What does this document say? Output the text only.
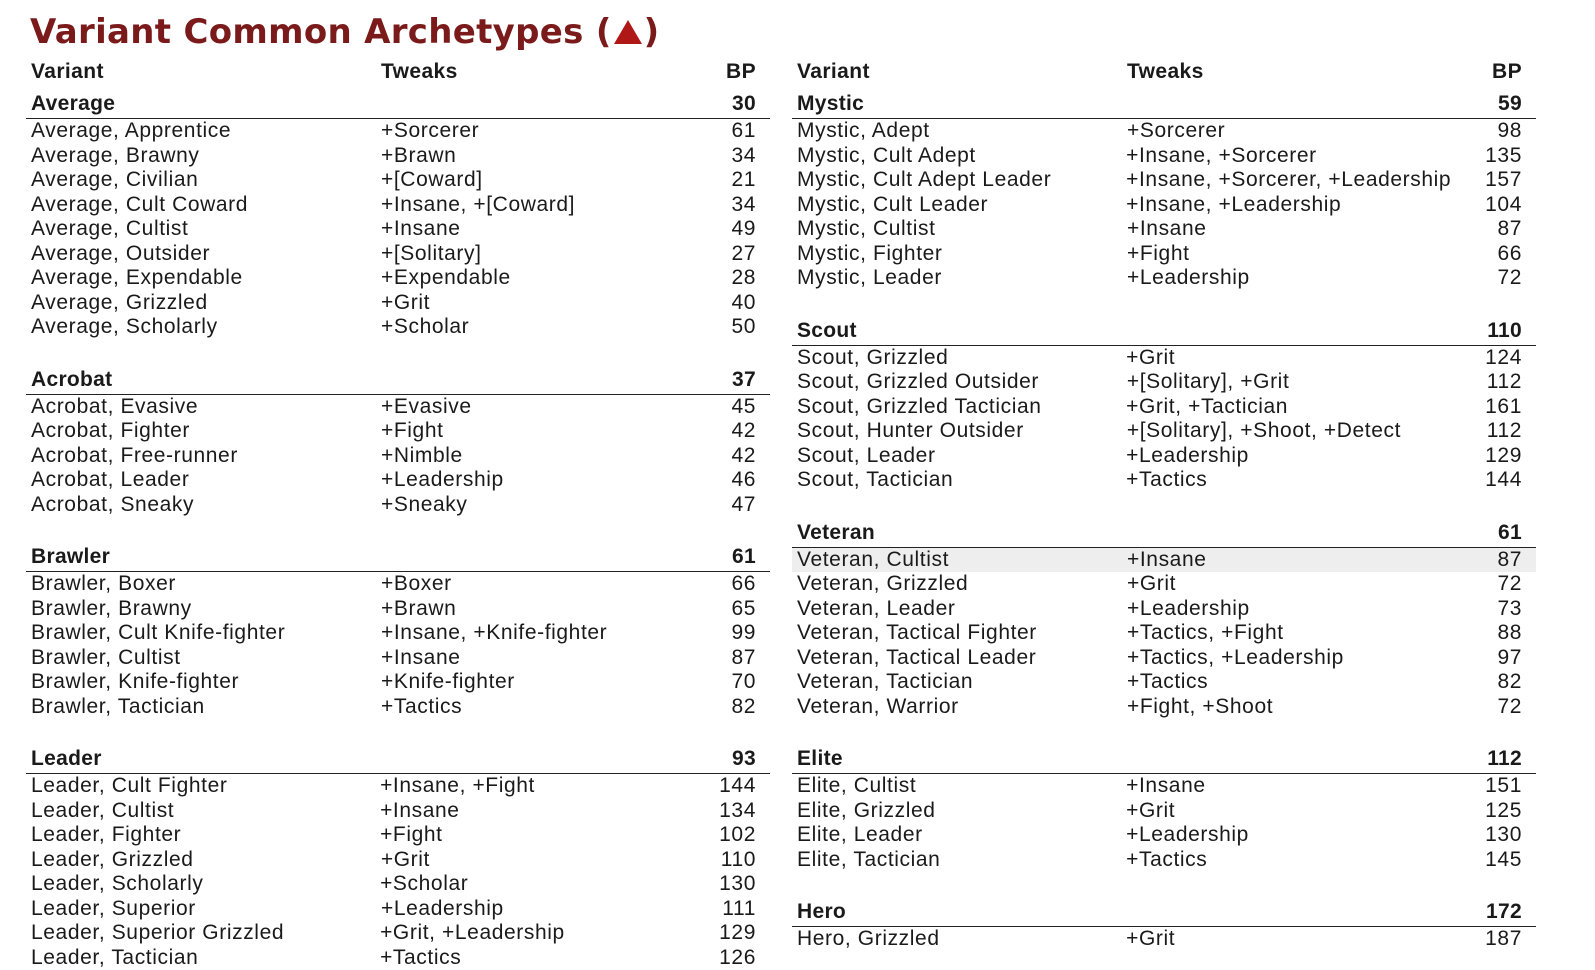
Variant Common Archetypes ( )
Variant	Tweaks	BP
Average	30
Average, Apprentice	+Sorcerer	61
Average, Brawny	+Brawn	34
Average, Civilian	+[Coward]	21
Average, Cult Coward	+Insane, +[Coward]	34
Average, Cultist	+Insane	49
Average, Outsider	+[Solitary]	27
Average, Expendable	+Expendable	28
Average, Grizzled	+Grit	40
Average, Scholarly	+Scholar	50
Acrobat	37
Acrobat, Evasive	+Evasive	45
Acrobat, Fighter	+Fight	42
Acrobat, Free-runner	+Nimble	42
Acrobat, Leader	+Leadership	46
Acrobat, Sneaky	+Sneaky	47
Brawler	61
Brawler, Boxer	+Boxer	66
Brawler, Brawny	+Brawn	65
Brawler, Cult Knife-fighter	+Insane, +Knife-fighter	99
Brawler, Cultist	+Insane	87
Brawler, Knife-fighter	+Knife-fighter	70
Brawler, Tactician	+Tactics	82
Leader	93
Leader, Cult Fighter	+Insane, +Fight	144
Leader, Cultist	+Insane	134
Leader, Fighter	+Fight	102
Leader, Grizzled	+Grit	110
Leader, Scholarly	+Scholar	130
Leader, Superior	+Leadership	111
Leader, Superior Grizzled	+Grit, +Leadership	129
Leader, Tactician	+Tactics	126
Variant	Tweaks	BP
Mystic	59
Mystic, Adept	+Sorcerer	98
Mystic, Cult Adept	+Insane, +Sorcerer	135
Mystic, Cult Adept Leader	+Insane, +Sorcerer, +Leadership	157
Mystic, Cult Leader	+Insane, +Leadership	104
Mystic, Cultist	+Insane	87
Mystic, Fighter	+Fight	66
Mystic, Leader	+Leadership	72
Scout	110
Scout, Grizzled	+Grit	124
Scout, Grizzled Outsider	+[Solitary], +Grit	112
Scout, Grizzled Tactician	+Grit, +Tactician	161
Scout, Hunter Outsider	+[Solitary], +Shoot, +Detect	112
Scout, Leader	+Leadership	129
Scout, Tactician	+Tactics	144
Veteran	61
Veteran, Cultist	+Insane	87
Veteran, Grizzled	+Grit	72
Veteran, Leader	+Leadership	73
Veteran, Tactical Fighter	+Tactics, +Fight	88
Veteran, Tactical Leader	+Tactics, +Leadership	97
Veteran, Tactician	+Tactics	82
Veteran, Warrior	+Fight, +Shoot	72
Elite	112
Elite, Cultist	+Insane	151
Elite, Grizzled	+Grit	125
Elite, Leader	+Leadership	130
Elite, Tactician	+Tactics	145
Hero	172
Hero, Grizzled	+Grit	187
